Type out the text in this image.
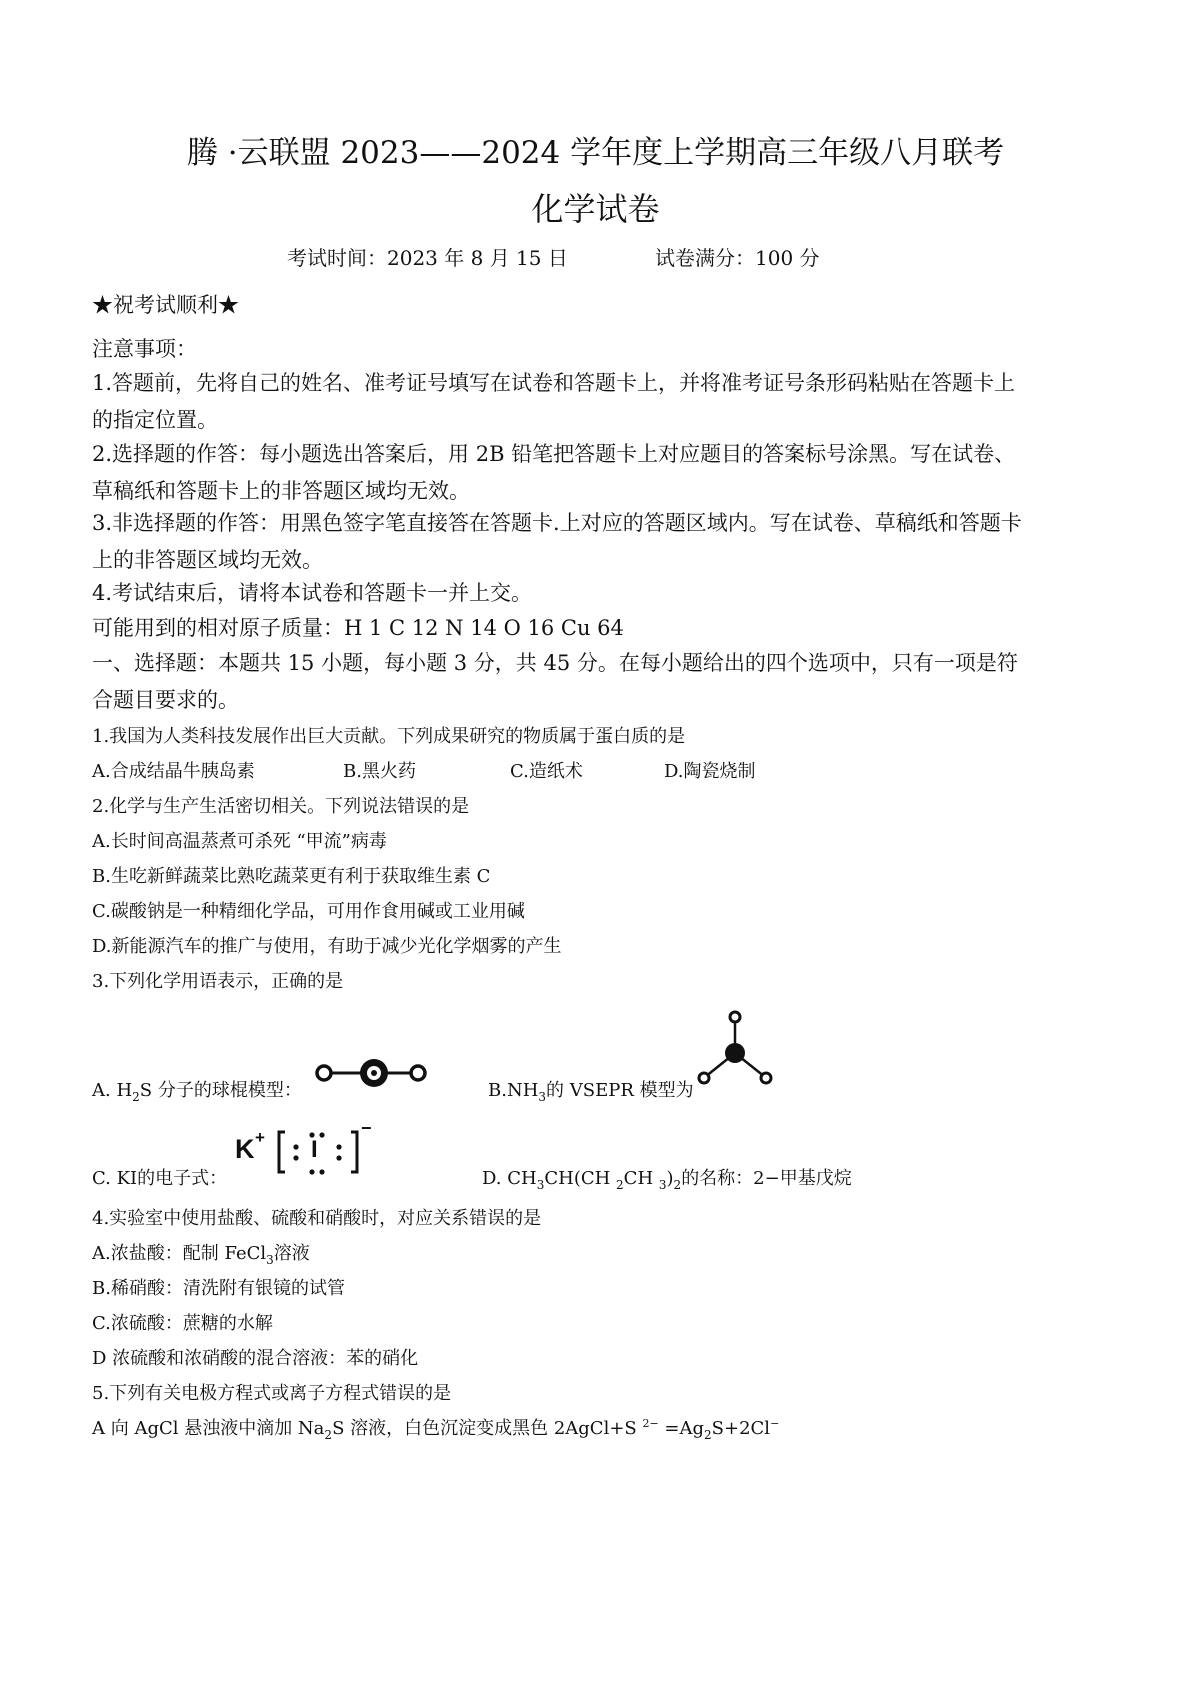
腾 ·云联盟 2023——2024 学年度上学期高三年级八月联考
化学试卷
考试时间：2023 年 8 月 15 日	试卷满分：100 分
★祝考试顺利★
注意事项：
1.答题前，先将自己的姓名、准考证号填写在试卷和答题卡上，并将准考证号条形码粘贴在答题卡上的指定位置。
2.选择题的作答：每小题选出答案后，用 2B 铅笔把答题卡上对应题目的答案标号涂黑。写在试卷、草稿纸和答题卡上的非答题区域均无效。
3.非选择题的作答：用黑色签字笔直接答在答题卡.上对应的答题区域内。写在试卷、草稿纸和答题卡上的非答题区域均无效。
4.考试结束后，请将本试卷和答题卡一并上交。
可能用到的相对原子质量：H 1 C 12 N 14 O 16 Cu 64
一、选择题：本题共 15 小题，每小题 3 分，共 45 分。在每小题给出的四个选项中，只有一项是符合题目要求的。
1.我国为人类科技发展作出巨大贡献。下列成果研究的物质属于蛋白质的是
A.合成结晶牛胰岛素	B.黑火药	C.造纸术	D.陶瓷烧制
2.化学与生产生活密切相关。下列说法错误的是
A.长时间高温蒸煮可杀死 “甲流”病毒
B.生吃新鲜蔬菜比熟吃蔬菜更有利于获取维生素 C
C.碳酸钠是一种精细化学品，可用作食用碱或工业用碱
D.新能源汽车的推广与使用，有助于减少光化学烟雾的产生
3.下列化学用语表示，正确的是
A. $H_2S$ 分子的球棍模型：	$B.NH_3$的 VSEPR 模型为
C. KI的电子式：
K + I
−
D. $CH_3CH(CH$ $_2$CH $_3)_2$的名称：2−甲基戊烷
4.实验室中使用盐酸、硫酸和硝酸时，对应关系错误的是
A.浓盐酸：配制 FeCl$_3$溶液
B.稀硝酸：清洗附有银镜的试管
C.浓硫酸：蔗糖的水解
D 浓硫酸和浓硝酸的混合溶液：苯的硝化
5.下列有关电极方程式或离子方程式错误的是
A 向 AgCl 悬浊液中滴加 $Na_2S$ 溶液，白色沉淀变成黑色 2AgCl+S $^{2-} =Ag_2S+2Cl^-$
